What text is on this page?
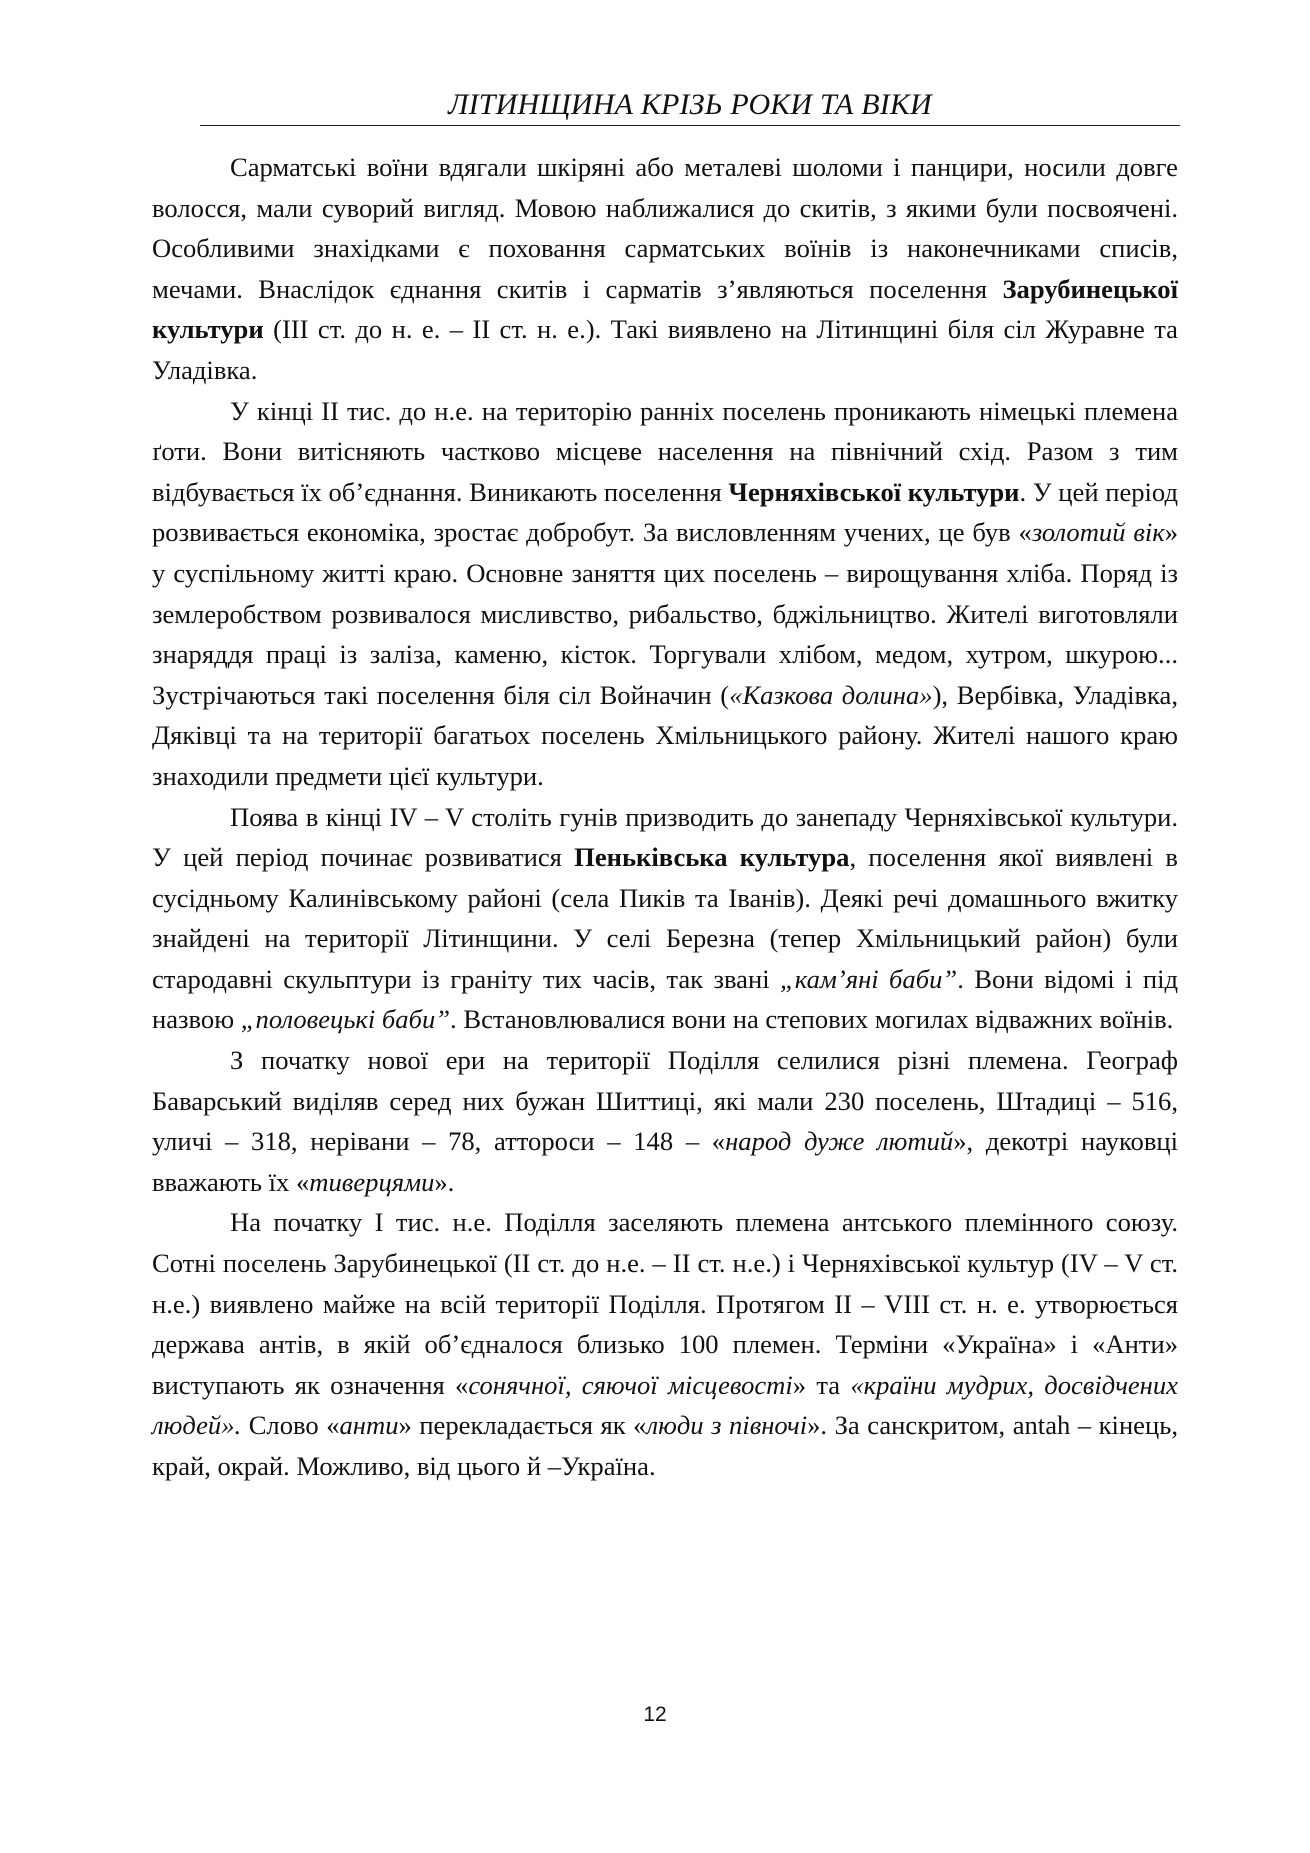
ЛІТИНЩИНА КРІЗЬ РОКИ ТА ВІКИ

Сарматські воїни вдягали шкіряні або металеві шоломи і панцири, носили довге волосся, мали суворий вигляд. Мовою наближалися до скитів, з якими були посвоячені. Особливими знахідками є поховання сарматських воїнів із наконечниками списів, мечами. Внаслідок єднання скитів і сарматів з’являються поселення Зарубинецької культури (ІІІ ст. до н. е. – ІІ ст. н. е.). Такі виявлено на Літинщині біля сіл Журавне та Уладівка.

У кінці ІІ тис. до н.е. на територію ранніх поселень проникають німецькі племена ґоти. Вони витісняють частково місцеве населення на північний схід. Разом з тим відбувається їх об’єднання. Виникають поселення Черняхівської культури. У цей період розвивається економіка, зростає добробут. За висловленням учених, це був «золотий вік» у суспільному житті краю. Основне заняття цих поселень – вирощування хліба. Поряд із землеробством розвивалося мисливство, рибальство, бджільництво. Жителі виготовляли знаряддя праці із заліза, каменю, кісток. Торгували хлібом, медом, хутром, шкурою... Зустрічаються такі поселення біля сіл Войначин («Казкова долина»), Вербівка, Уладівка, Дяківці та на території багатьох поселень Хмільницького району. Жителі нашого краю знаходили предмети цієї культури.

Поява в кінці IV – V століть гунів призводить до занепаду Черняхівської культури. У цей період починає розвиватися Пеньківська культура, поселення якої виявлені в сусідньому Калинівському районі (села Пиків та Іванів). Деякі речі домашнього вжитку знайдені на території Літинщини. У селі Березна (тепер Хмільницький район) були стародавні скульптури із граніту тих часів, так звані „кам’яні баби”. Вони відомі і під назвою „половецькі баби”. Встановлювалися вони на степових могилах відважних воїнів.

З початку нової ери на території Поділля селилися різні племена. Географ Баварський виділяв серед них бужан Шиттиці, які мали 230 поселень, Штадиці – 516, уличі – 318, нерівани – 78, аттороси – 148 – «народ дуже лютий», декотрі науковці вважають їх «тиверцями».

На початку І тис. н.е. Поділля заселяють племена антського племінного союзу. Сотні поселень Зарубинецької (ІІ ст. до н.е. – ІІ ст. н.е.) і Черняхівської культур (IV – V ст. н.е.) виявлено майже на всій території Поділля. Протягом ІІ – VIII ст. н. е. утворюється держава антів, в якій об’єдналося близько 100 племен. Терміни «Україна» і «Анти» виступають як означення «сонячної, сяючої місцевості» та «країни мудрих, досвідчених людей». Слово «анти» перекладається як «люди з півночі». За санскритом, antah – кінець, край, окрай. Можливо, від цього й –Україна.

12
